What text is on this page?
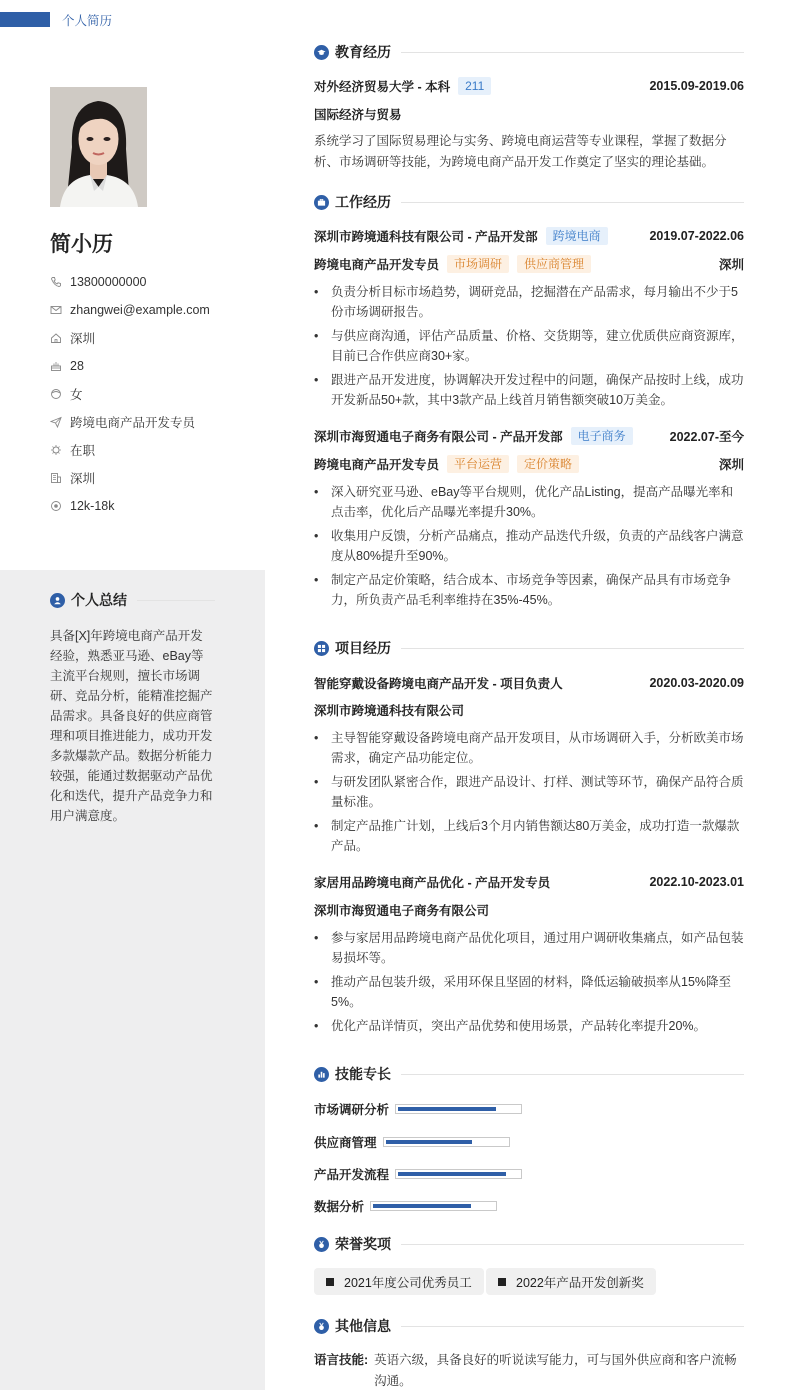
个人简历
简小历
13800000000
zhangwei@example.com
深圳
28
女
跨境电商产品开发专员
在职
深圳
12k-18k
个人总结
具备[X]年跨境电商产品开发经验，熟悉亚马逊、eBay等主流平台规则，擅长市场调研、竞品分析，能精准挖掘产品需求。具备良好的供应商管理和项目推进能力，成功开发多款爆款产品。数据分析能力较强，能通过数据驱动产品优化和迭代，提升产品竞争力和用户满意度。
教育经历
对外经济贸易大学 - 本科	211	2015.09-2019.06
国际经济与贸易
系统学习了国际贸易理论与实务、跨境电商运营等专业课程，掌握了数据分析、市场调研等技能，为跨境电商产品开发工作奠定了坚实的理论基础。
工作经历
深圳市跨境通科技有限公司 - 产品开发部	跨境电商	2019.07-2022.06
跨境电商产品开发专员	市场调研	供应商管理	深圳
• 负责分析目标市场趋势，调研竞品，挖掘潜在产品需求，每月输出不少于5份市场调研报告。
• 与供应商沟通，评估产品质量、价格、交货期等，建立优质供应商资源库，目前已合作供应商30+家。
• 跟进产品开发进度，协调解决开发过程中的问题，确保产品按时上线，成功开发新品50+款，其中3款产品上线首月销售额突破10万美金。
深圳市海贸通电子商务有限公司 - 产品开发部	电子商务	2022.07-至今
跨境电商产品开发专员	平台运营	定价策略	深圳
• 深入研究亚马逊、eBay等平台规则，优化产品Listing，提高产品曝光率和点击率，优化后产品曝光率提升30%。
• 收集用户反馈，分析产品痛点，推动产品迭代升级，负责的产品线客户满意度从80%提升至90%。
• 制定产品定价策略，结合成本、市场竞争等因素，确保产品具有市场竞争力，所负责产品毛利率维持在35%-45%。
项目经历
智能穿戴设备跨境电商产品开发 - 项目负责人	2020.03-2020.09
深圳市跨境通科技有限公司
• 主导智能穿戴设备跨境电商产品开发项目，从市场调研入手，分析欧美市场需求，确定产品功能定位。
• 与研发团队紧密合作，跟进产品设计、打样、测试等环节，确保产品符合质量标准。
• 制定产品推广计划，上线后3个月内销售额达80万美金，成功打造一款爆款产品。
家居用品跨境电商产品优化 - 产品开发专员	2022.10-2023.01
深圳市海贸通电子商务有限公司
• 参与家居用品跨境电商产品优化项目，通过用户调研收集痛点，如产品包装易损坏等。
• 推动产品包装升级，采用环保且坚固的材料，降低运输破损率从15%降至5%。
• 优化产品详情页，突出产品优势和使用场景，产品转化率提升20%。
技能专长
市场调研分析
供应商管理
产品开发流程
数据分析
荣誉奖项
2021年度公司优秀员工	2022年产品开发创新奖
其他信息
语言技能: 英语六级，具备良好的听说读写能力，可与国外供应商和客户流畅沟通。
